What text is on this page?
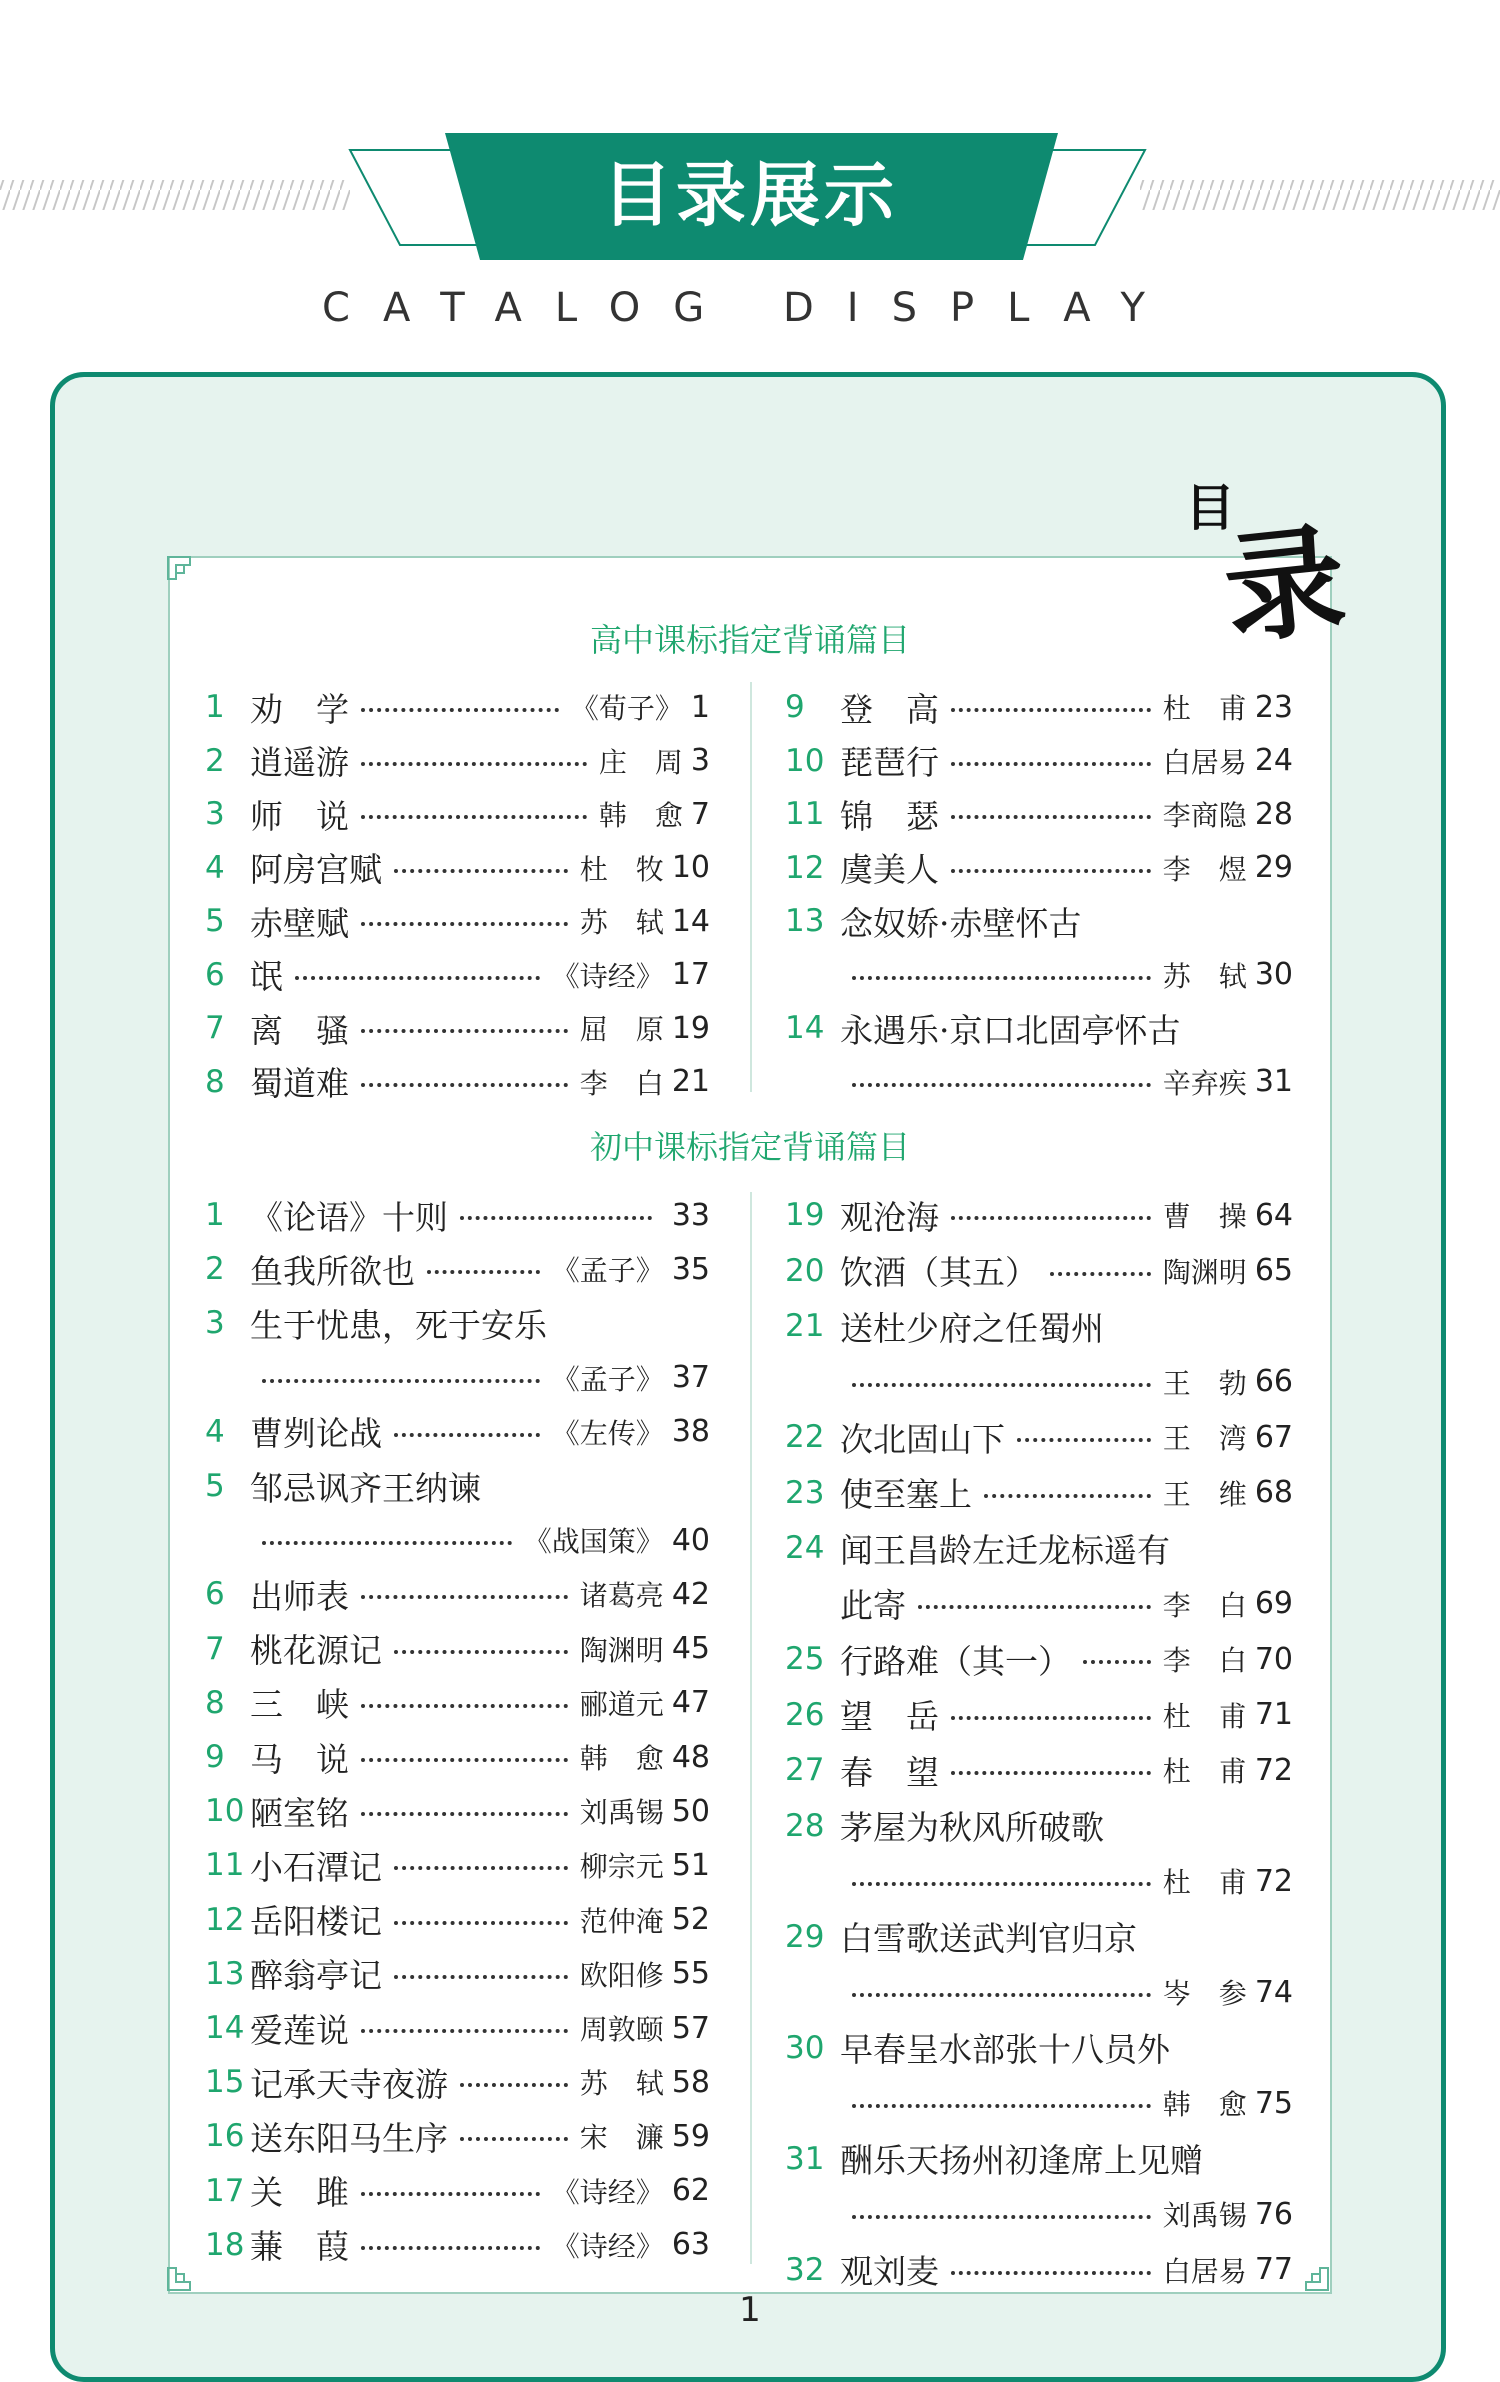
目录展示
CATALOG DISPLAY
目
录
高中课标指定背诵篇目
初中课标指定背诵篇目
1 劝　学	《荀子》 1
2 逍遥游	庄　周 3
3 师　说	韩　愈 7
4 阿房宫赋	杜　牧 10
5 赤壁赋	苏　轼 14
6 氓	《诗经》 17
7 离　骚	屈　原 19
8 蜀道难	李　白 21
9	登　高	杜　甫 23
10 琵琶行	白居易 24
11 锦　瑟	李商隐 28
12 虞美人	李　煜 29
13 念奴娇·赤壁怀古
苏　轼 30
14 永遇乐·京口北固亭怀古
辛弃疾 31
1 《论语》十则	33
2 鱼我所欲也	《孟子》 35
3 生于忧患，死于安乐
《孟子》 37
4 曹刿论战	《左传》 38
5 邹忌讽齐王纳谏
《战国策》 40
6 出师表	诸葛亮 42
7 桃花源记	陶渊明 45
8 三　峡	郦道元 47
9 马　说	韩　愈 48
10 陋室铭	刘禹锡 50
11 小石潭记	柳宗元 51
12 岳阳楼记	范仲淹 52
13 醉翁亭记	欧阳修 55
14 爱莲说	周敦颐 57
15 记承天寺夜游	苏　轼 58
16 送东阳马生序	宋　濂 59
17 关　雎	《诗经》 62
18 蒹　葭	《诗经》 63
19 观沧海	曹　操 64
20 饮酒（其五）	陶渊明 65
21 送杜少府之任蜀州
王　勃 66
22 次北固山下	王　湾 67
23 使至塞上	王　维 68
24 闻王昌龄左迁龙标遥有
此寄	李　白 69
25 行路难（其一）	李　白 70
26 望　岳	杜　甫 71
27 春　望	杜　甫 72
28 茅屋为秋风所破歌
杜　甫 72
29 白雪歌送武判官归京
岑　参 74
30 早春呈水部张十八员外
韩　愈 75
31 酬乐天扬州初逢席上见赠
刘禹锡 76
32 观刘麦	白居易 77
1
